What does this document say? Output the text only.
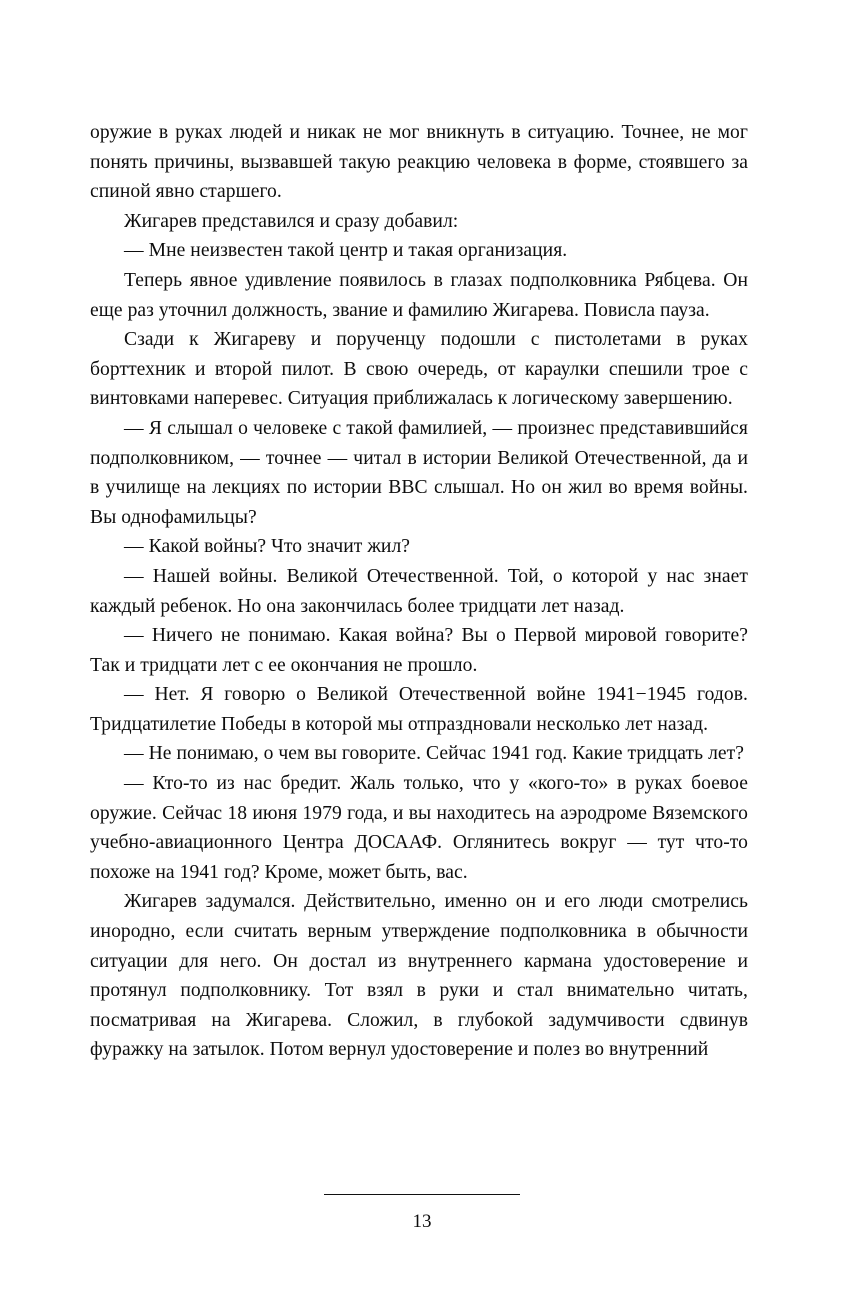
оружие в руках людей и никак не мог вникнуть в ситуацию. Точнее, не мог понять причины, вызвавшей такую реакцию человека в форме, стоявшего за спиной явно старшего.

Жигарев представился и сразу добавил:

— Мне неизвестен такой центр и такая организация.

Теперь явное удивление появилось в глазах подполковника Рябцева. Он еще раз уточнил должность, звание и фамилию Жигарева. Повисла пауза.

Сзади к Жигареву и порученцу подошли с пистолетами в руках борттехник и второй пилот. В свою очередь, от караулки спешили трое с винтовками наперевес. Ситуация приближалась к логическому завершению.

— Я слышал о человеке с такой фамилией, — произнес представившийся подполковником, — точнее — читал в истории Великой Отечественной, да и в училище на лекциях по истории ВВС слышал. Но он жил во время войны. Вы однофамильцы?

— Какой войны? Что значит жил?

— Нашей войны. Великой Отечественной. Той, о которой у нас знает каждый ребенок. Но она закончилась более тридцати лет назад.

— Ничего не понимаю. Какая война? Вы о Первой мировой говорите? Так и тридцати лет с ее окончания не прошло.

— Нет. Я говорю о Великой Отечественной войне 1941−1945 годов. Тридцатилетие Победы в которой мы отпраздновали несколько лет назад.

— Не понимаю, о чем вы говорите. Сейчас 1941 год. Какие тридцать лет?

— Кто-то из нас бредит. Жаль только, что у «кого-то» в руках боевое оружие. Сейчас 18 июня 1979 года, и вы находитесь на аэродроме Вяземского учебно-авиационного Центра ДОСААФ. Оглянитесь вокруг — тут что-то похоже на 1941 год? Кроме, может быть, вас.

Жигарев задумался. Действительно, именно он и его люди смотрелись инородно, если считать верным утверждение подполковника в обычности ситуации для него. Он достал из внутреннего кармана удостоверение и протянул подполковнику. Тот взял в руки и стал внимательно читать, посматривая на Жигарева. Сложил, в глубокой задумчивости сдвинув фуражку на затылок. Потом вернул удостоверение и полез во внутренний

13
